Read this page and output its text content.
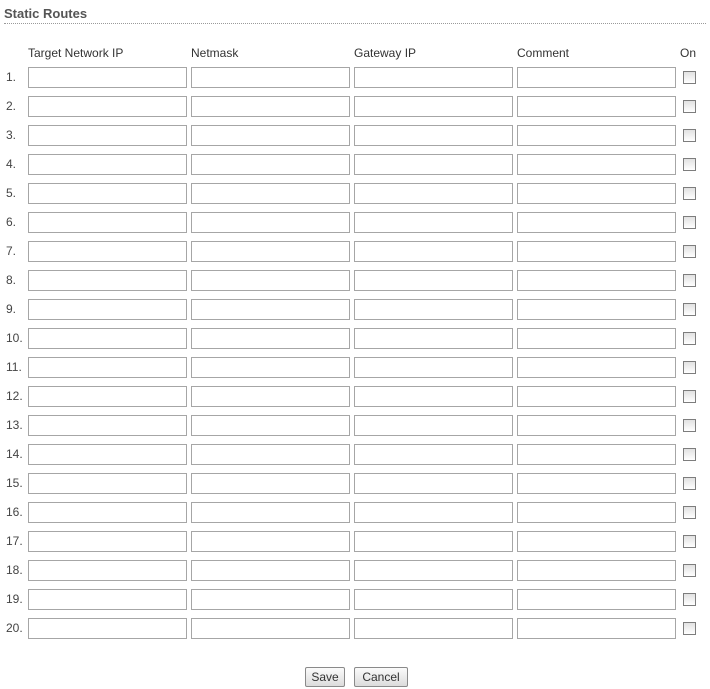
Static Routes
Target Network IP	Netmask	Gateway IP	Comment	On
1.
2.
3.
4.
5.
6.
7.
8.
9.
10.
11.
12.
13.
14.
15.
16.
17.
18.
19.
20.
Save	Cancel
